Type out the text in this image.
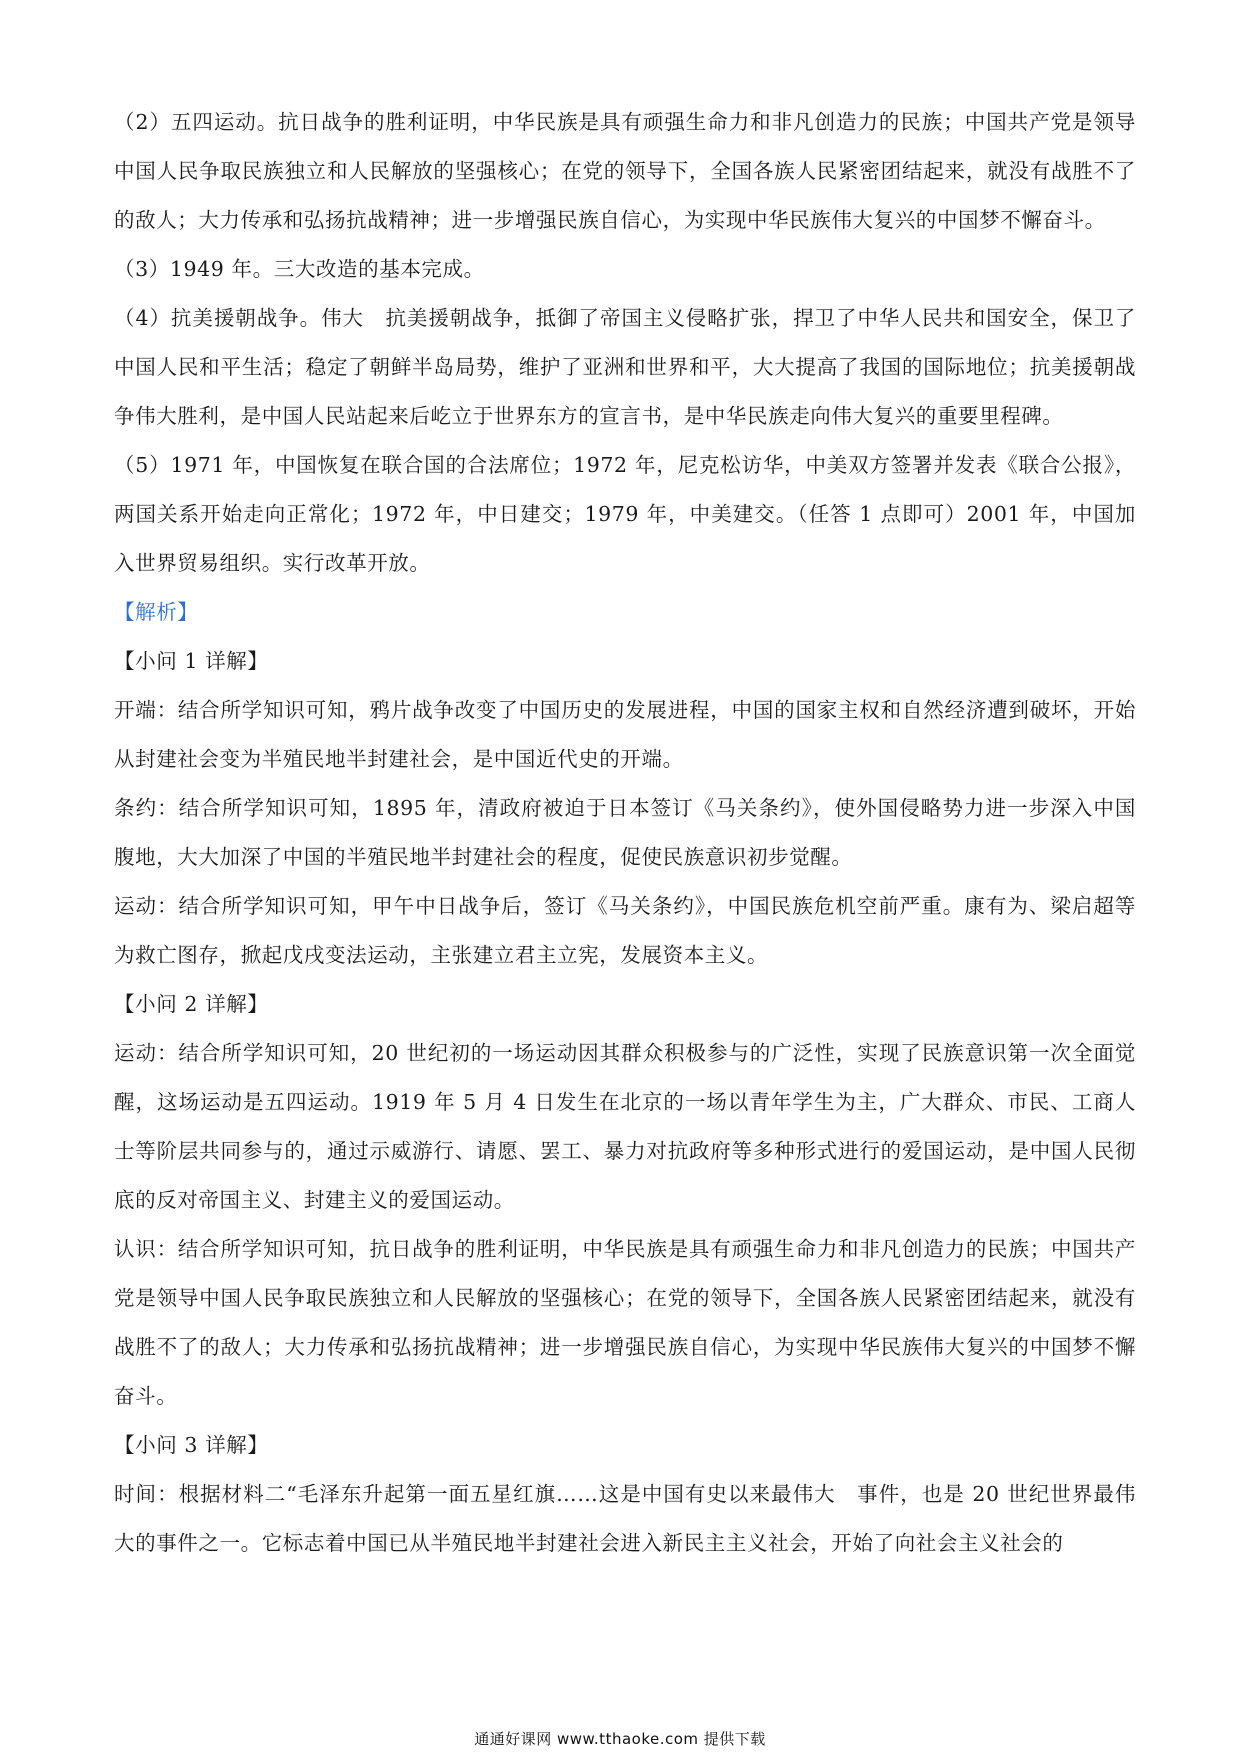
（2）五四运动。抗日战争的胜利证明，中华民族是具有顽强生命力和非凡创造力的民族；中国共产党是领导中国人民争取民族独立和人民解放的坚强核心；在党的领导下，全国各族人民紧密团结起来，就没有战胜不了的敌人；大力传承和弘扬抗战精神；进一步增强民族自信心，为实现中华民族伟大复兴的中国梦不懈奋斗。

（3）1949 年。三大改造的基本完成。

（4）抗美援朝战争。伟大　抗美援朝战争，抵御了帝国主义侵略扩张，捍卫了中华人民共和国安全，保卫了中国人民和平生活；稳定了朝鲜半岛局势，维护了亚洲和世界和平，大大提高了我国的国际地位；抗美援朝战争伟大胜利，是中国人民站起来后屹立于世界东方的宣言书，是中华民族走向伟大复兴的重要里程碑。

（5）1971 年，中国恢复在联合国的合法席位；1972 年，尼克松访华，中美双方签署并发表《联合公报》，两国关系开始走向正常化；1972 年，中日建交；1979 年，中美建交。（任答 1 点即可）2001 年，中国加入世界贸易组织。实行改革开放。

【解析】

【小问 1 详解】

开端：结合所学知识可知，鸦片战争改变了中国历史的发展进程，中国的国家主权和自然经济遭到破坏，开始从封建社会变为半殖民地半封建社会，是中国近代史的开端。

条约：结合所学知识可知，1895 年，清政府被迫于日本签订《马关条约》，使外国侵略势力进一步深入中国腹地，大大加深了中国的半殖民地半封建社会的程度，促使民族意识初步觉醒。

运动：结合所学知识可知，甲午中日战争后，签订《马关条约》，中国民族危机空前严重。康有为、梁启超等为救亡图存，掀起戊戌变法运动，主张建立君主立宪，发展资本主义。

【小问 2 详解】

运动：结合所学知识可知，20 世纪初的一场运动因其群众积极参与的广泛性，实现了民族意识第一次全面觉醒，这场运动是五四运动。1919 年 5 月 4 日发生在北京的一场以青年学生为主，广大群众、市民、工商人士等阶层共同参与的，通过示威游行、请愿、罢工、暴力对抗政府等多种形式进行的爱国运动，是中国人民彻底的反对帝国主义、封建主义的爱国运动。

认识：结合所学知识可知，抗日战争的胜利证明，中华民族是具有顽强生命力和非凡创造力的民族；中国共产党是领导中国人民争取民族独立和人民解放的坚强核心；在党的领导下，全国各族人民紧密团结起来，就没有战胜不了的敌人；大力传承和弘扬抗战精神；进一步增强民族自信心，为实现中华民族伟大复兴的中国梦不懈奋斗。

【小问 3 详解】

时间：根据材料二“毛泽东升起第一面五星红旗……这是中国有史以来最伟大　事件，也是 20 世纪世界最伟大的事件之一。它标志着中国已从半殖民地半封建社会进入新民主主义社会，开始了向社会主义社会的

通通好课网 www.tthaoke.com 提供下载
